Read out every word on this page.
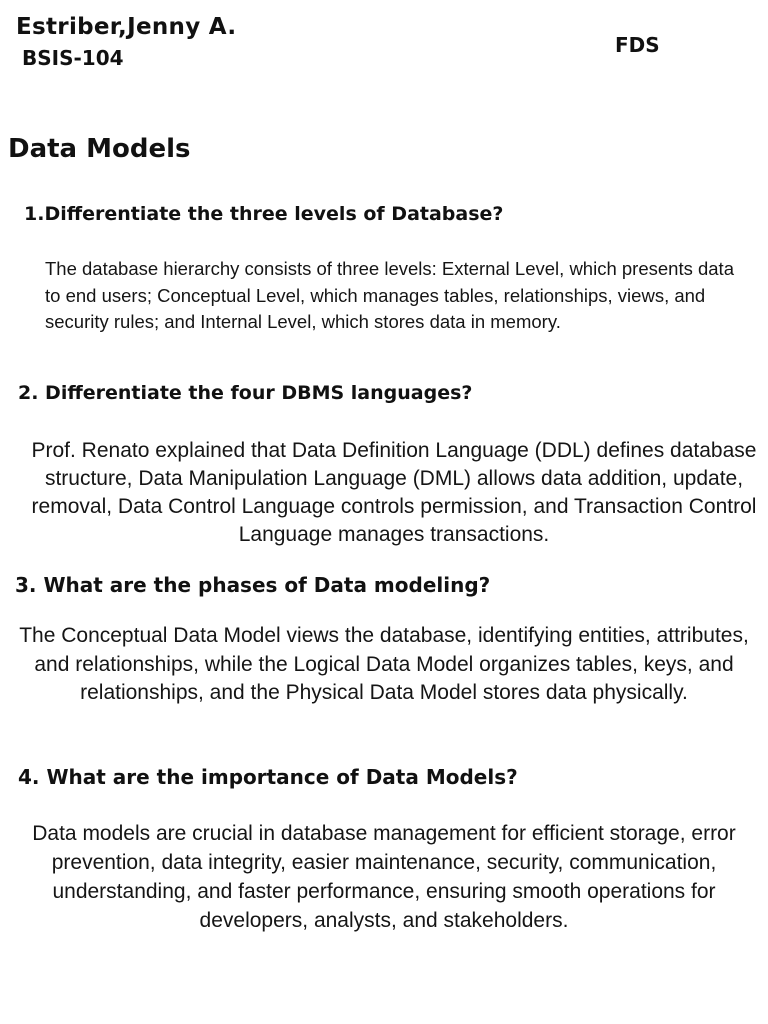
Estriber,Jenny A.
BSIS-104
FDS
Data Models
1.Differentiate the three levels of Database?
The database hierarchy consists of three levels: External Level, which presents data to end users; Conceptual Level, which manages tables, relationships, views, and security rules; and Internal Level, which stores data in memory.
2. Differentiate the four DBMS languages?
Prof. Renato explained that Data Definition Language (DDL) defines database structure, Data Manipulation Language (DML) allows data addition, update, removal, Data Control Language controls permission, and Transaction Control Language manages transactions.
3. What are the phases of Data modeling?
The Conceptual Data Model views the database, identifying entities, attributes, and relationships, while the Logical Data Model organizes tables, keys, and relationships, and the Physical Data Model stores data physically.
4. What are the importance of Data Models?
Data models are crucial in database management for efficient storage, error prevention, data integrity, easier maintenance, security, communication, understanding, and faster performance, ensuring smooth operations for developers, analysts, and stakeholders.
